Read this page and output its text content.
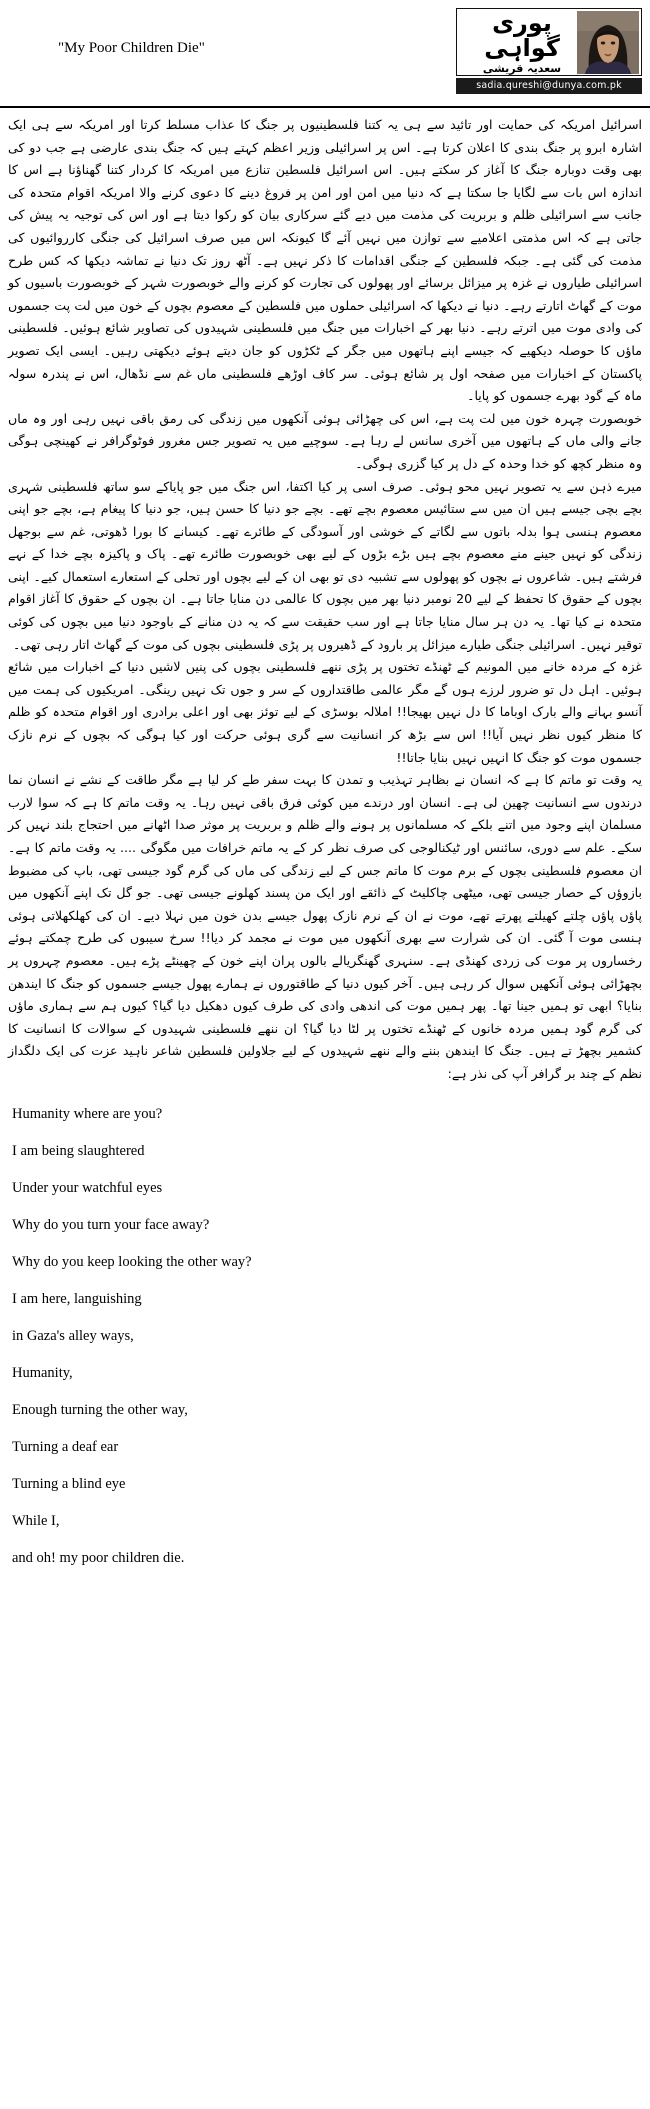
"My Poor Children Die"
پوری
گواہی
سعدیہ قریشی
sadia.qureshi@dunya.com.pk

اسرائیل امریکہ کی حمایت اور تائید سے ہی یہ کتنا فلسطینیوں پر جنگ کا عذاب مسلط کرتا اور امریکہ سے ہی ایک اشارہ ابرو پر جنگ بندی کا اعلان کرتا ہے۔ اس پر اسرائیلی وزیر اعظم کہتے ہیں کہ جنگ بندی عارضی ہے جب دو کی بھی وقت دوبارہ جنگ کا آغاز کر سکتے ہیں۔ اس اسرائیل فلسطین تنازع میں امریکہ کا کردار کتنا گھناؤنا ہے اس کا اندازہ اس بات سے لگایا جا سکتا ہے کہ دنیا میں امن اور امن پر فروغ دینے کا دعوی کرنے والا امریکہ اقوام متحدہ کی جانب سے اسرائیلی ظلم و بربریت کی مذمت میں دیے گئے سرکاری بیان کو رکوا دیتا ہے اور اس کی توجیہ یہ پیش کی جاتی ہے کہ اس مذمتی اعلامیے سے توازن میں نہیں آئے گا کیونکہ اس میں صرف اسرائیل کی جنگی کارروائیوں کی مذمت کی گئی ہے۔ جبکہ فلسطین کے جنگی اقدامات کا ذکر نہیں ہے۔ آٹھ روز تک دنیا نے تماشہ دیکھا کہ کس طرح اسرائیلی طیاروں نے غزہ پر میزائل برسائے اور پھولوں کی تجارت کو کرنے والے خوبصورت شہر کے خوبصورت باسیوں کو موت کے گھاٹ اتارتے رہے۔ دنیا نے دیکھا کہ اسرائیلی حملوں میں فلسطین کے معصوم بچوں کے خون میں لت پت جسموں کی وادی موت میں اترتے رہے۔ دنیا بھر کے اخبارات میں جنگ میں فلسطینی شہیدوں کی تصاویر شائع ہوئیں۔ فلسطینی ماؤں کا حوصلہ دیکھیے کہ جیسے اپنے ہاتھوں میں جگر کے ٹکڑوں کو جان دیتے ہوئے دیکھتی رہیں۔ ایسی ایک تصویر پاکستان کے اخبارات میں صفحہ اول پر شائع ہوئی۔ سر کاف اوڑھے فلسطینی ماں غم سے نڈھال، اس نے پندرہ سولہ ماہ کے گود بھرے جسموں کو پایا۔

خوبصورت چہرہ خون میں لت پت ہے، اس کی چھڑائی ہوئی آنکھوں میں زندگی کی رمق باقی نہیں رہی اور وہ ماں جانے والی ماں کے ہاتھوں میں آخری سانس لے رہا ہے۔ سوچیے میں یہ تصویر جس مغرور فوٹوگرافر نے کھینچی ہوگی وہ منظر کچھ کو خدا وحدہ کے دل پر کیا گزری ہوگی۔

میرے ذہن سے یہ تصویر نہیں محو ہوئی۔ صرف اسی پر کیا اکتفا، اس جنگ میں جو پایاکے سو ساتھ فلسطینی شہری بچے بچی جیسے ہیں ان میں سے ستائیس معصوم بچے تھے۔ بچے جو دنیا کا حسن ہیں، جو دنیا کا پیغام ہے، بچے جو اپنی معصوم ہنسی ہوا بدلہ باتوں سے لگاتے کے خوشی اور آسودگی کے طائرے تھے۔ کیسانے کا بورا ڈھوتی، غم سے بوجھل زندگی کو نہیں جینے منے معصوم بچے ہیں بڑے بڑوں کے لیے بھی خوبصورت طائرے تھے۔ پاک و پاکیزہ بچے خدا کے نہے فرشتے ہیں۔ شاعروں نے بچوں کو پھولوں سے تشبیہ دی تو بھی ان کے لیے بچوں اور تحلی کے استعارے استعمال کیے۔ اپنی بچوں کے حقوق کا تحفظ کے لیے 20 نومبر دنیا بھر میں بچوں کا عالمی دن منایا جاتا ہے۔ ان بچوں کے حقوق کا آغاز اقوام متحدہ نے کیا تھا۔ یہ دن ہر سال منایا جاتا ہے اور سب حقیقت سے کہ یہ دن منانے کے باوجود دنیا میں بچوں کی کوئی توقیر نہیں۔ اسرائیلی جنگی طیارے میزائل پر بارود کے ڈھیروں پر پڑی فلسطینی بچوں کی موت کے گھاٹ اتار رہی تھی۔

غزہ کے مردہ خانے میں المونیم کے ٹھنڈے تختوں پر پڑی ننھے فلسطینی بچوں کی پنیں لاشیں دنیا کے اخبارات میں شائع ہوئیں۔ اہل دل تو ضرور لرزے ہوں گے مگر عالمی طاقتداروں کے سر و جوں تک نہیں رینگی۔ امریکیوں کی ہمت میں آنسو بہانے والے بارک اوباما کا دل نہیں بھیجا!! املالہ بوسڑی کے لیے توئز بھی اور اعلی برادری اور اقوام متحدہ کو ظلم کا منظر کیوں نظر نہیں آیا!! اس سے بڑھ کر انسانیت سے گری ہوئی حرکت اور کیا ہوگی کہ بچوں کے نرم نازک جسموں موت کو جنگ کا انہیں نہیں بنایا جاتا!!

یہ وقت تو ماتم کا ہے کہ انسان نے بظاہر تہذیب و تمدن کا بہت سفر طے کر لیا ہے مگر طاقت کے نشے نے انسان نما درندوں سے انسانیت چھین لی ہے۔ انسان اور درندے میں کوئی فرق باقی نہیں رہا۔ یہ وقت ماتم کا ہے کہ سوا لارب مسلمان اپنے وجود میں اتنے بلکے کہ مسلمانوں پر ہونے والے ظلم و بربریت پر موثر صدا اٹھانے میں احتجاج بلند نہیں کر سکے۔ علم سے دوری، سائنس اور ٹیکنالوجی کی صرف نظر کر کے یہ ماتم خرافات میں مگوگی .... یہ وقت ماتم کا ہے۔ ان معصوم فلسطینی بچوں کے برم موت کا ماتم جس کے لیے زندگی کی ماں کی گرم گود جیسی تھی، باپ کی مضبوط بازوؤں کے حصار جیسی تھی، میٹھی چاکلیٹ کے ذائقے اور ایک من پسند کھلونے جیسی تھی۔ جو گل تک اپنے آنکھوں میں پاؤں پاؤں چلتے کھیلتے پھرتے تھے، موت نے ان کے نرم نازک پھول جیسے بدن خون میں نہلا دیے۔ ان کی کھلکھلاتی ہوئی ہنسی موت آ گئی۔ ان کی شرارت سے بھری آنکھوں میں موت نے مجمد کر دیا!! سرخ سیبوں کی طرح چمکتے ہوئے رخساروں پر موت کی زردی کھنڈی ہے۔ سنہری گھنگریالے بالوں پران اپنے خون کے چھینٹے پڑے ہیں۔ معصوم چہروں پر بچھڑائی ہوئی آنکھیں سوال کر رہی ہیں۔ آخر کیوں دنیا کے طاقتوروں نے ہمارے پھول جیسے جسموں کو جنگ کا ایندھن بنایا؟ ابھی تو ہمیں جینا تھا۔ پھر ہمیں موت کی اندھی وادی کی طرف کیوں دھکیل دیا گیا؟ کیوں ہم سے ہماری ماؤں کی گرم گود ہمیں مردہ خانوں کے ٹھنڈے تختوں پر لٹا دیا گیا؟ ان ننھے فلسطینی شہیدوں کے سوالات کا انسانیت کا کشمیر بچھڑ تے ہیں۔ جنگ کا ایندھن بننے والے ننھے شہیدوں کے لیے جلاولین فلسطین شاعر ناہید عزت کی ایک دلگداز نظم کے چند بر گرافر آپ کی نذر ہے:

Humanity where are you?
I am being slaughtered
Under your watchful eyes
Why do you turn your face away?
Why do you keep looking the other way?
I am here, languishing
in Gaza's alley ways,
Humanity,
Enough turning the other way,
Turning a deaf ear
Turning a blind eye
While I,
and oh! my poor children die.
